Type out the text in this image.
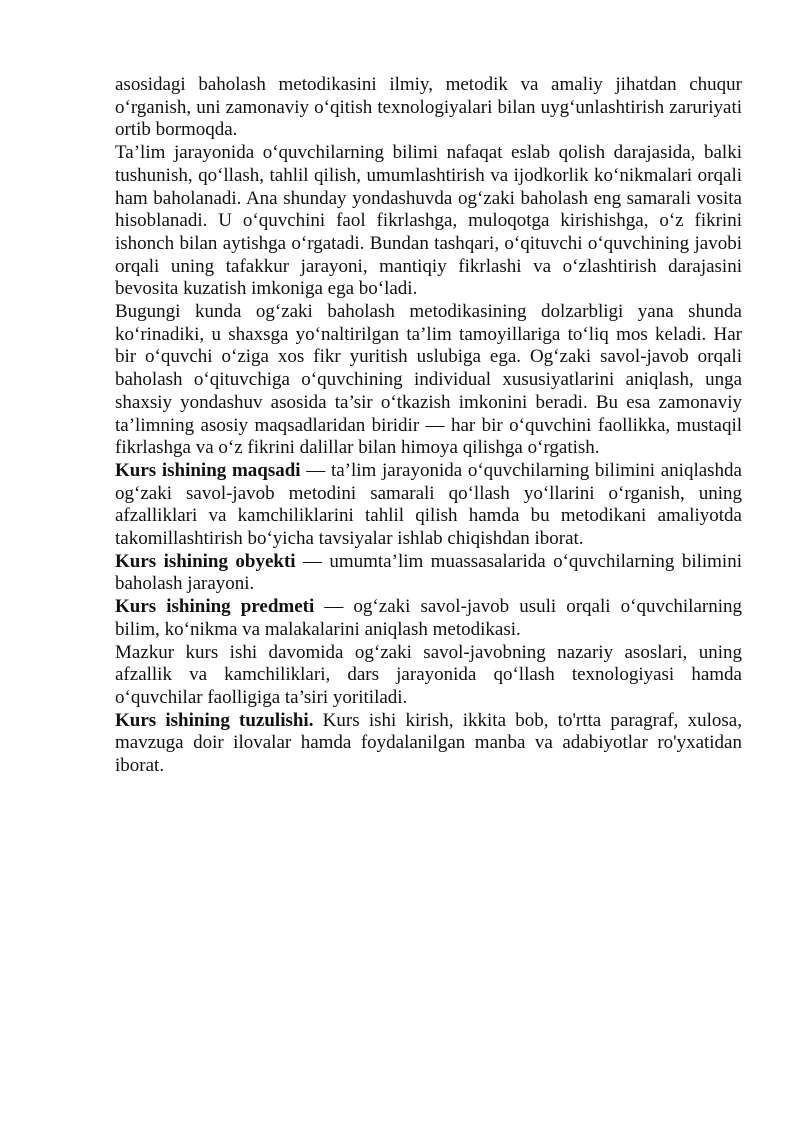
asosidagi baholash metodikasini ilmiy, metodik va amaliy jihatdan chuqur o‘rganish, uni zamonaviy o‘qitish texnologiyalari bilan uyg‘unlashtirish zaruriyati ortib bormoqda.

Ta’lim jarayonida o‘quvchilarning bilimi nafaqat eslab qolish darajasida, balki tushunish, qo‘llash, tahlil qilish, umumlashtirish va ijodkorlik ko‘nikmalari orqali ham baholanadi. Ana shunday yondashuvda og‘zaki baholash eng samarali vosita hisoblanadi. U o‘quvchini faol fikrlashga, muloqotga kirishishga, o‘z fikrini ishonch bilan aytishga o‘rgatadi. Bundan tashqari, o‘qituvchi o‘quvchining javobi orqali uning tafakkur jarayoni, mantiqiy fikrlashi va o‘zlashtirish darajasini bevosita kuzatish imkoniga ega bo‘ladi.

Bugungi kunda og‘zaki baholash metodikasining dolzarbligi yana shunda ko‘rinadiki, u shaxsga yo‘naltirilgan ta’lim tamoyillariga to‘liq mos keladi. Har bir o‘quvchi o‘ziga xos fikr yuritish uslubiga ega. Og‘zaki savol-javob orqali baholash o‘qituvchiga o‘quvchining individual xususiyatlarini aniqlash, unga shaxsiy yondashuv asosida ta’sir o‘tkazish imkonini beradi. Bu esa zamonaviy ta’limning asosiy maqsadlaridan biridir — har bir o‘quvchini faollikka, mustaqil fikrlashga va o‘z fikrini dalillar bilan himoya qilishga o‘rgatish.

Kurs ishining maqsadi — ta’lim jarayonida o‘quvchilarning bilimini aniqlashda og‘zaki savol-javob metodini samarali qo‘llash yo‘llarini o‘rganish, uning afzalliklari va kamchiliklarini tahlil qilish hamda bu metodikani amaliyotda takomillashtirish bo‘yicha tavsiyalar ishlab chiqishdan iborat.

Kurs ishining obyekti — umumta’lim muassasalarida o‘quvchilarning bilimini baholash jarayoni.

Kurs ishining predmeti — og‘zaki savol-javob usuli orqali o‘quvchilarning bilim, ko‘nikma va malakalarini aniqlash metodikasi.

Mazkur kurs ishi davomida og‘zaki savol-javobning nazariy asoslari, uning afzallik va kamchiliklari, dars jarayonida qo‘llash texnologiyasi hamda o‘quvchilar faolligiga ta’siri yoritiladi.

Kurs ishining tuzulishi. Kurs ishi kirish, ikkita bob, to'rtta paragraf, xulosa, mavzuga doir ilovalar hamda foydalanilgan manba va adabiyotlar ro'yxatidan iborat.
